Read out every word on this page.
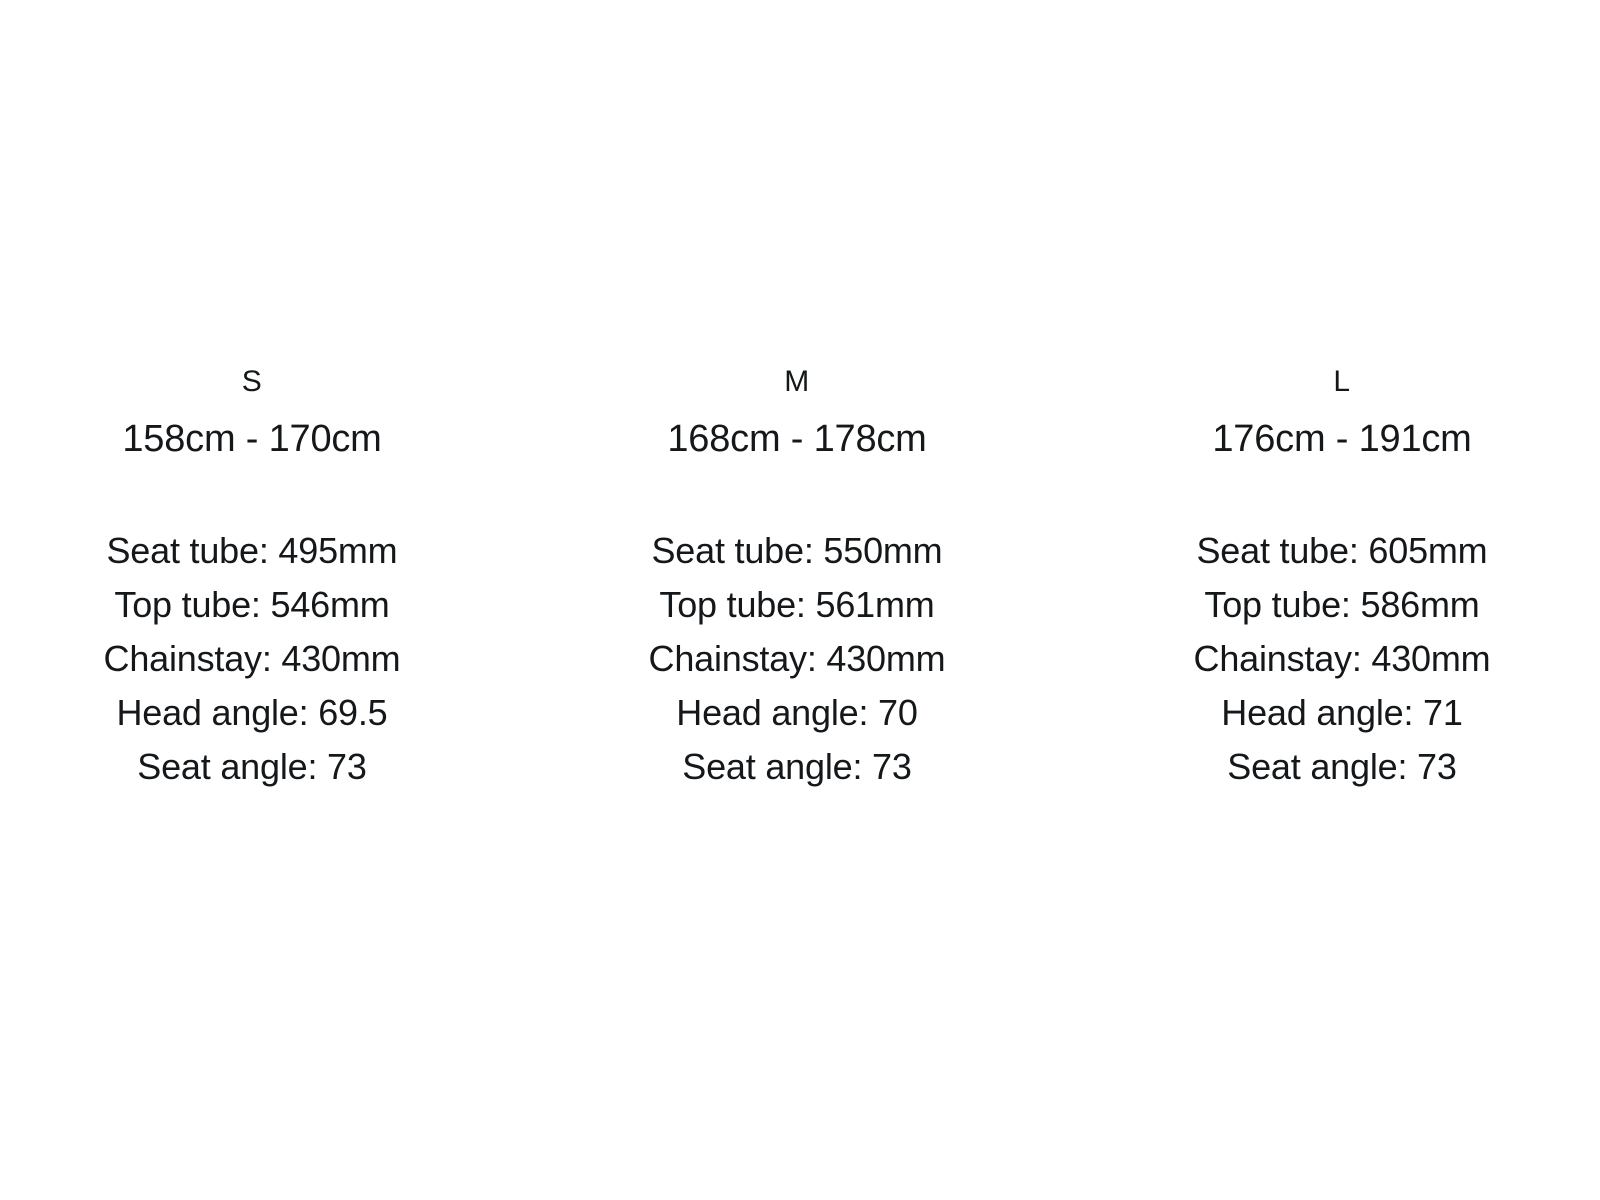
S
158cm - 170cm
Seat tube: 495mm
Top tube: 546mm
Chainstay: 430mm
Head angle: 69.5
Seat angle: 73
M
168cm - 178cm
Seat tube: 550mm
Top tube: 561mm
Chainstay: 430mm
Head angle: 70
Seat angle: 73
L
176cm - 191cm
Seat tube: 605mm
Top tube: 586mm
Chainstay: 430mm
Head angle: 71
Seat angle: 73
